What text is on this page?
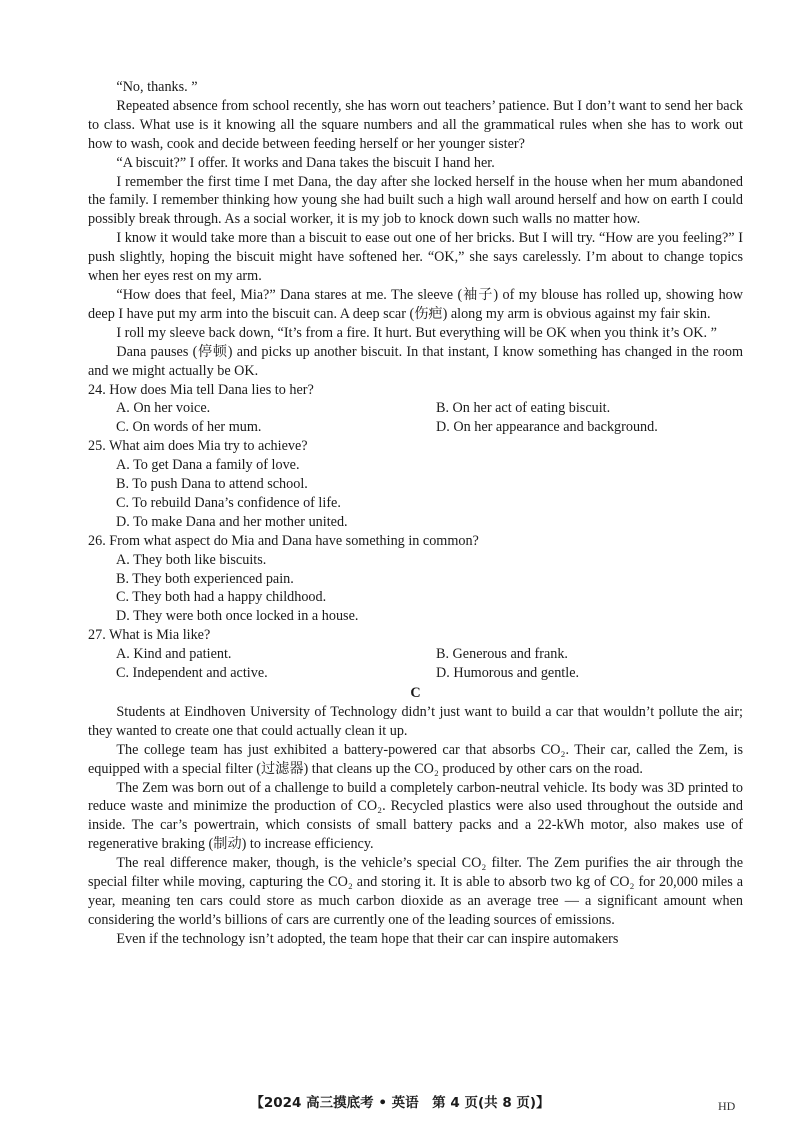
“No, thanks. ”

Repeated absence from school recently, she has worn out teachers’ patience. But I don’t want to send her back to class. What use is it knowing all the square numbers and all the grammatical rules when she has to work out how to wash, cook and decide between feeding herself or her younger sister?

“A biscuit?” I offer. It works and Dana takes the biscuit I hand her.

I remember the first time I met Dana, the day after she locked herself in the house when her mum abandoned the family. I remember thinking how young she had built such a high wall around herself and how on earth I could possibly break through. As a social worker, it is my job to knock down such walls no matter how.

I know it would take more than a biscuit to ease out one of her bricks. But I will try. “How are you feeling?” I push slightly, hoping the biscuit might have softened her. “OK,” she says carelessly. I’m about to change topics when her eyes rest on my arm.

“How does that feel, Mia?” Dana stares at me. The sleeve (袖子) of my blouse has rolled up, showing how deep I have put my arm into the biscuit can. A deep scar (伤疤) along my arm is obvious against my fair skin.

I roll my sleeve back down, “It’s from a fire. It hurt. But everything will be OK when you think it’s OK. ”

Dana pauses (停顿) and picks up another biscuit. In that instant, I know something has changed in the room and we might actually be OK.

24. How does Mia tell Dana lies to her?

A. On her voice.	B. On her act of eating biscuit.
C. On words of her mum.	D. On her appearance and background.

25. What aim does Mia try to achieve?

A. To get Dana a family of love.
B. To push Dana to attend school.
C. To rebuild Dana’s confidence of life.
D. To make Dana and her mother united.

26. From what aspect do Mia and Dana have something in common?

A. They both like biscuits.
B. They both experienced pain.
C. They both had a happy childhood.
D. They were both once locked in a house.

27. What is Mia like?

A. Kind and patient.	B. Generous and frank.
C. Independent and active.	D. Humorous and gentle.

C

Students at Eindhoven University of Technology didn’t just want to build a car that wouldn’t pollute the air; they wanted to create one that could actually clean it up.

The college team has just exhibited a battery-powered car that absorbs CO₂. Their car, called the Zem, is equipped with a special filter (过滤器) that cleans up the CO₂ produced by other cars on the road.

The Zem was born out of a challenge to build a completely carbon-neutral vehicle. Its body was 3D printed to reduce waste and minimize the production of CO₂. Recycled plastics were also used throughout the outside and inside. The car’s powertrain, which consists of small battery packs and a 22-kWh motor, also makes use of regenerative braking (制动) to increase efficiency.

The real difference maker, though, is the vehicle’s special CO₂ filter. The Zem purifies the air through the special filter while moving, capturing the CO₂ and storing it. It is able to absorb two kg of CO₂ for 20,000 miles a year, meaning ten cars could store as much carbon dioxide as an average tree — a significant amount when considering the world’s billions of cars are currently one of the leading sources of emissions.

Even if the technology isn’t adopted, the team hope that their car can inspire automakers

【2024 高三摸底考 • 英语　第 4 页(共 8 页)】	HD
